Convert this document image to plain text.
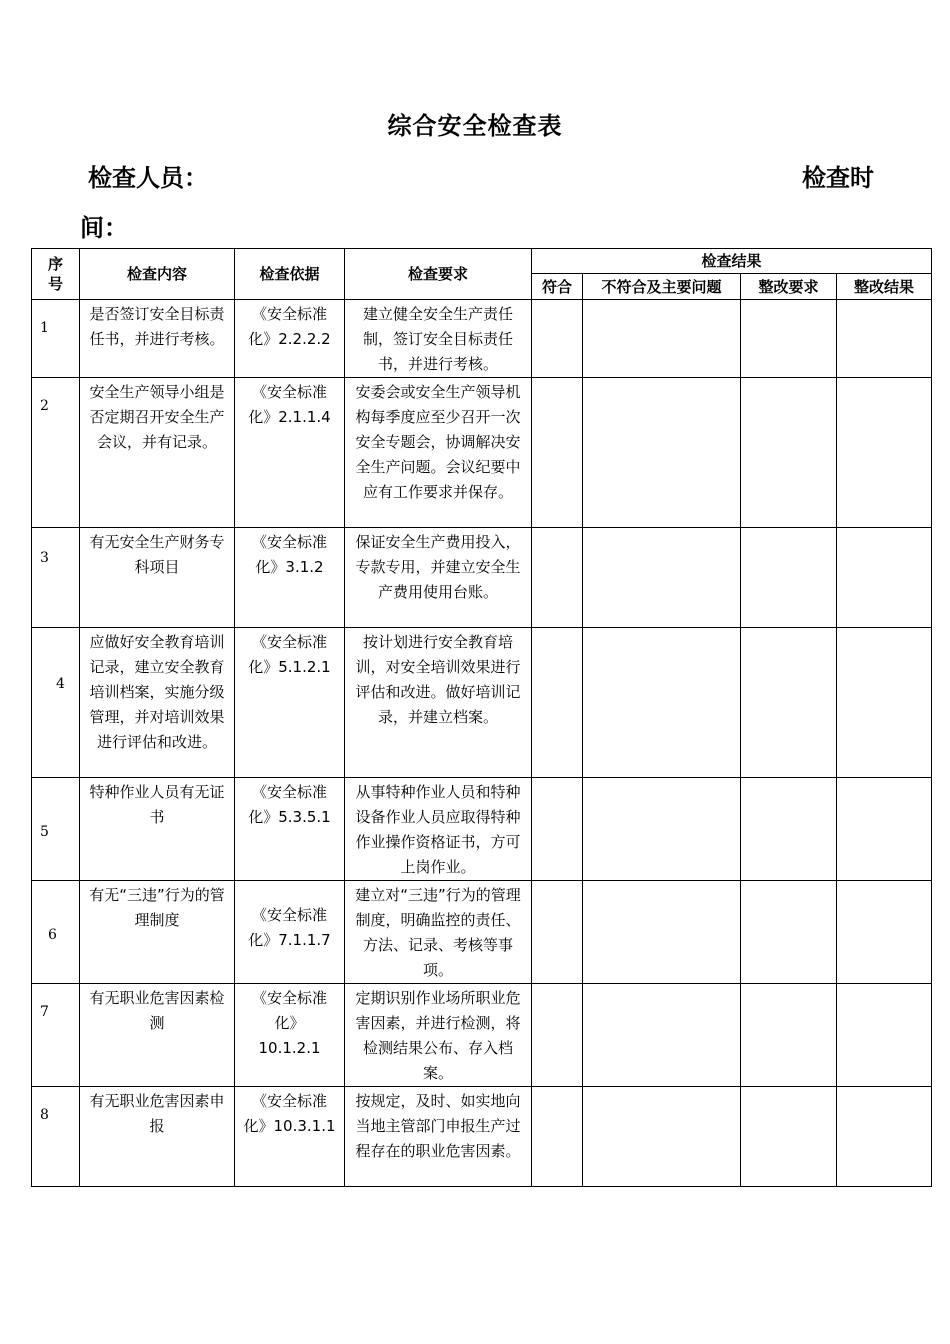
综合安全检查表
检查人员：	检查时
间：
序号	检查内容	检查依据	检查要求	检查结果			
				符合	不符合及主要问题	整改要求	整改结果

1	是否签订安全目标责任书，并进行考核。	《安全标准化》2.2.2.2	建立健全安全生产责任制，签订安全目标责任书，并进行考核。				

2	安全生产领导小组是否定期召开安全生产会议，并有记录。	《安全标准化》2.1.1.4	安委会或安全生产领导机构每季度应至少召开一次安全专题会，协调解决安全生产问题。会议纪要中应有工作要求并保存。				

3	有无安全生产财务专科项目	《安全标准化》3.1.2	保证安全生产费用投入，专款专用，并建立安全生产费用使用台账。				

4	应做好安全教育培训记录，建立安全教育培训档案，实施分级管理，并对培训效果进行评估和改进。	《安全标准化》5.1.2.1	按计划进行安全教育培训，对安全培训效果进行评估和改进。做好培训记录，并建立档案。				

5	特种作业人员有无证书	《安全标准化》5.3.5.1	从事特种作业人员和特种设备作业人员应取得特种作业操作资格证书，方可上岗作业。				

6	有无“三违”行为的管理制度	《安全标准化》7.1.1.7	建立对“三违”行为的管理制度，明确监控的责任、方法、记录、考核等事项。				

7	有无职业危害因素检测	《安全标准化》10.1.2.1	定期识别作业场所职业危害因素，并进行检测，将检测结果公布、存入档案。				

8	有无职业危害因素申报	《安全标准化》10.3.1.1	按规定，及时、如实地向当地主管部门申报生产过程存在的职业危害因素。				
